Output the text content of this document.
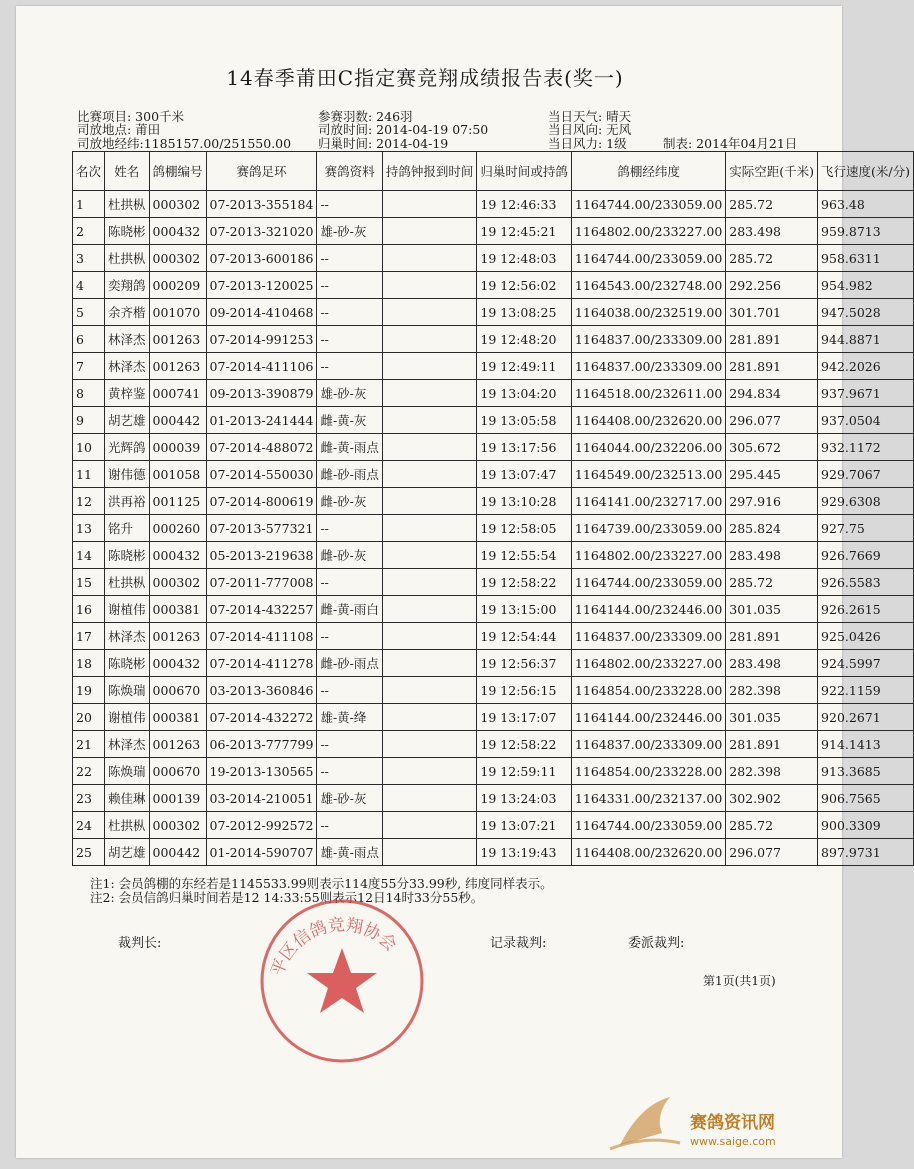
14春季莆田C指定赛竞翔成绩报告表(奖一)
比赛项目: 300千米
司放地点: 莆田
司放地经纬:1185157.00/251550.00
参赛羽数: 246羽
司放时间: 2014-04-19 07:50
归巢时间: 2014-04-19
当日天气: 晴天
当日风向: 无风
当日风力: 1级	制表: 2014年04月21日
名次	姓名	鸽棚编号	赛鸽足环	赛鸽资料	持鸽钟报到时间	归巢时间或持鸽	鸽棚经纬度	实际空距(千米)	飞行速度(米/分)
1	杜拱枞	000302	07-2013-355184	--		19 12:46:33	1164744.00/233059.00	285.72	963.48
2	陈晓彬	000432	07-2013-321020	雄-砂-灰		19 12:45:21	1164802.00/233227.00	283.498	959.8713
3	杜拱枞	000302	07-2013-600186	--		19 12:48:03	1164744.00/233059.00	285.72	958.6311
4	奕翔鸽	000209	07-2013-120025	--		19 12:56:02	1164543.00/232748.00	292.256	954.982
5	余齐楷	001070	09-2014-410468	--		19 13:08:25	1164038.00/232519.00	301.701	947.5028
6	林泽杰	001263	07-2014-991253	--		19 12:48:20	1164837.00/233309.00	281.891	944.8871
7	林泽杰	001263	07-2014-411106	--		19 12:49:11	1164837.00/233309.00	281.891	942.2026
8	黄梓鉴	000741	09-2013-390879	雄-砂-灰		19 13:04:20	1164518.00/232611.00	294.834	937.9671
9	胡艺雄	000442	01-2013-241444	雌-黄-灰		19 13:05:58	1164408.00/232620.00	296.077	937.0504
10	光辉鸽	000039	07-2014-488072	雌-黄-雨点		19 13:17:56	1164044.00/232206.00	305.672	932.1172
11	谢伟德	001058	07-2014-550030	雌-砂-雨点		19 13:07:47	1164549.00/232513.00	295.445	929.7067
12	洪再裕	001125	07-2014-800619	雌-砂-灰		19 13:10:28	1164141.00/232717.00	297.916	929.6308
13	铭升	000260	07-2013-577321	--		19 12:58:05	1164739.00/233059.00	285.824	927.75
14	陈晓彬	000432	05-2013-219638	雌-砂-灰		19 12:55:54	1164802.00/233227.00	283.498	926.7669
15	杜拱枞	000302	07-2011-777008	--		19 12:58:22	1164744.00/233059.00	285.72	926.5583
16	谢植伟	000381	07-2014-432257	雌-黄-雨白		19 13:15:00	1164144.00/232446.00	301.035	926.2615
17	林泽杰	001263	07-2014-411108	--		19 12:54:44	1164837.00/233309.00	281.891	925.0426
18	陈晓彬	000432	07-2014-411278	雌-砂-雨点		19 12:56:37	1164802.00/233227.00	283.498	924.5997
19	陈焕瑞	000670	03-2013-360846	--		19 12:56:15	1164854.00/233228.00	282.398	922.1159
20	谢植伟	000381	07-2014-432272	雄-黄-绛		19 13:17:07	1164144.00/232446.00	301.035	920.2671
21	林泽杰	001263	06-2013-777799	--		19 12:58:22	1164837.00/233309.00	281.891	914.1413
22	陈焕瑞	000670	19-2013-130565	--		19 12:59:11	1164854.00/233228.00	282.398	913.3685
23	赖佳琳	000139	03-2014-210051	雄-砂-灰		19 13:24:03	1164331.00/232137.00	302.902	906.7565
24	杜拱枞	000302	07-2012-992572	--		19 13:07:21	1164744.00/233059.00	285.72	900.3309
25	胡艺雄	000442	01-2014-590707	雄-黄-雨点		19 13:19:43	1164408.00/232620.00	296.077	897.9731
注1: 会员鸽棚的东经若是1145533.99则表示114度55分33.99秒, 纬度同样表示。
注2: 会员信鸽归巢时间若是12 14:33:55则表示12日14时33分55秒。
裁判长:	记录裁判:	委派裁判:
第1页(共1页)
平区信鸽竞翔协会
赛鸽资讯网
www.saige.com
